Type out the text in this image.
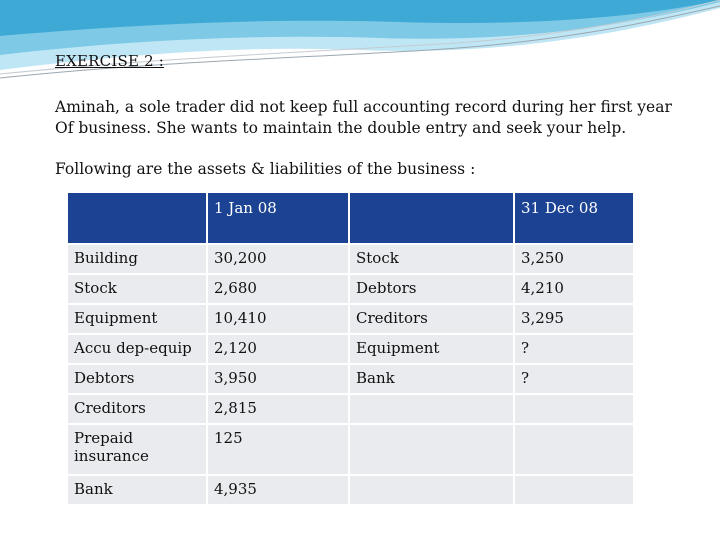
EXERCISE 2 :
Aminah, a sole trader did not keep full accounting record during her first year
Of business. She wants to maintain the double entry and seek your help.
Following are the assets & liabilities of the business :
	1 Jan 08		31 Dec 08
Building	30,200	Stock	3,250
Stock	2,680	Debtors	4,210
Equipment	10,410	Creditors	3,295
Accu dep-equip	2,120	Equipment	?
Debtors	3,950	Bank	?
Creditors	2,815		
Prepaid insurance	125		
Bank	4,935		
